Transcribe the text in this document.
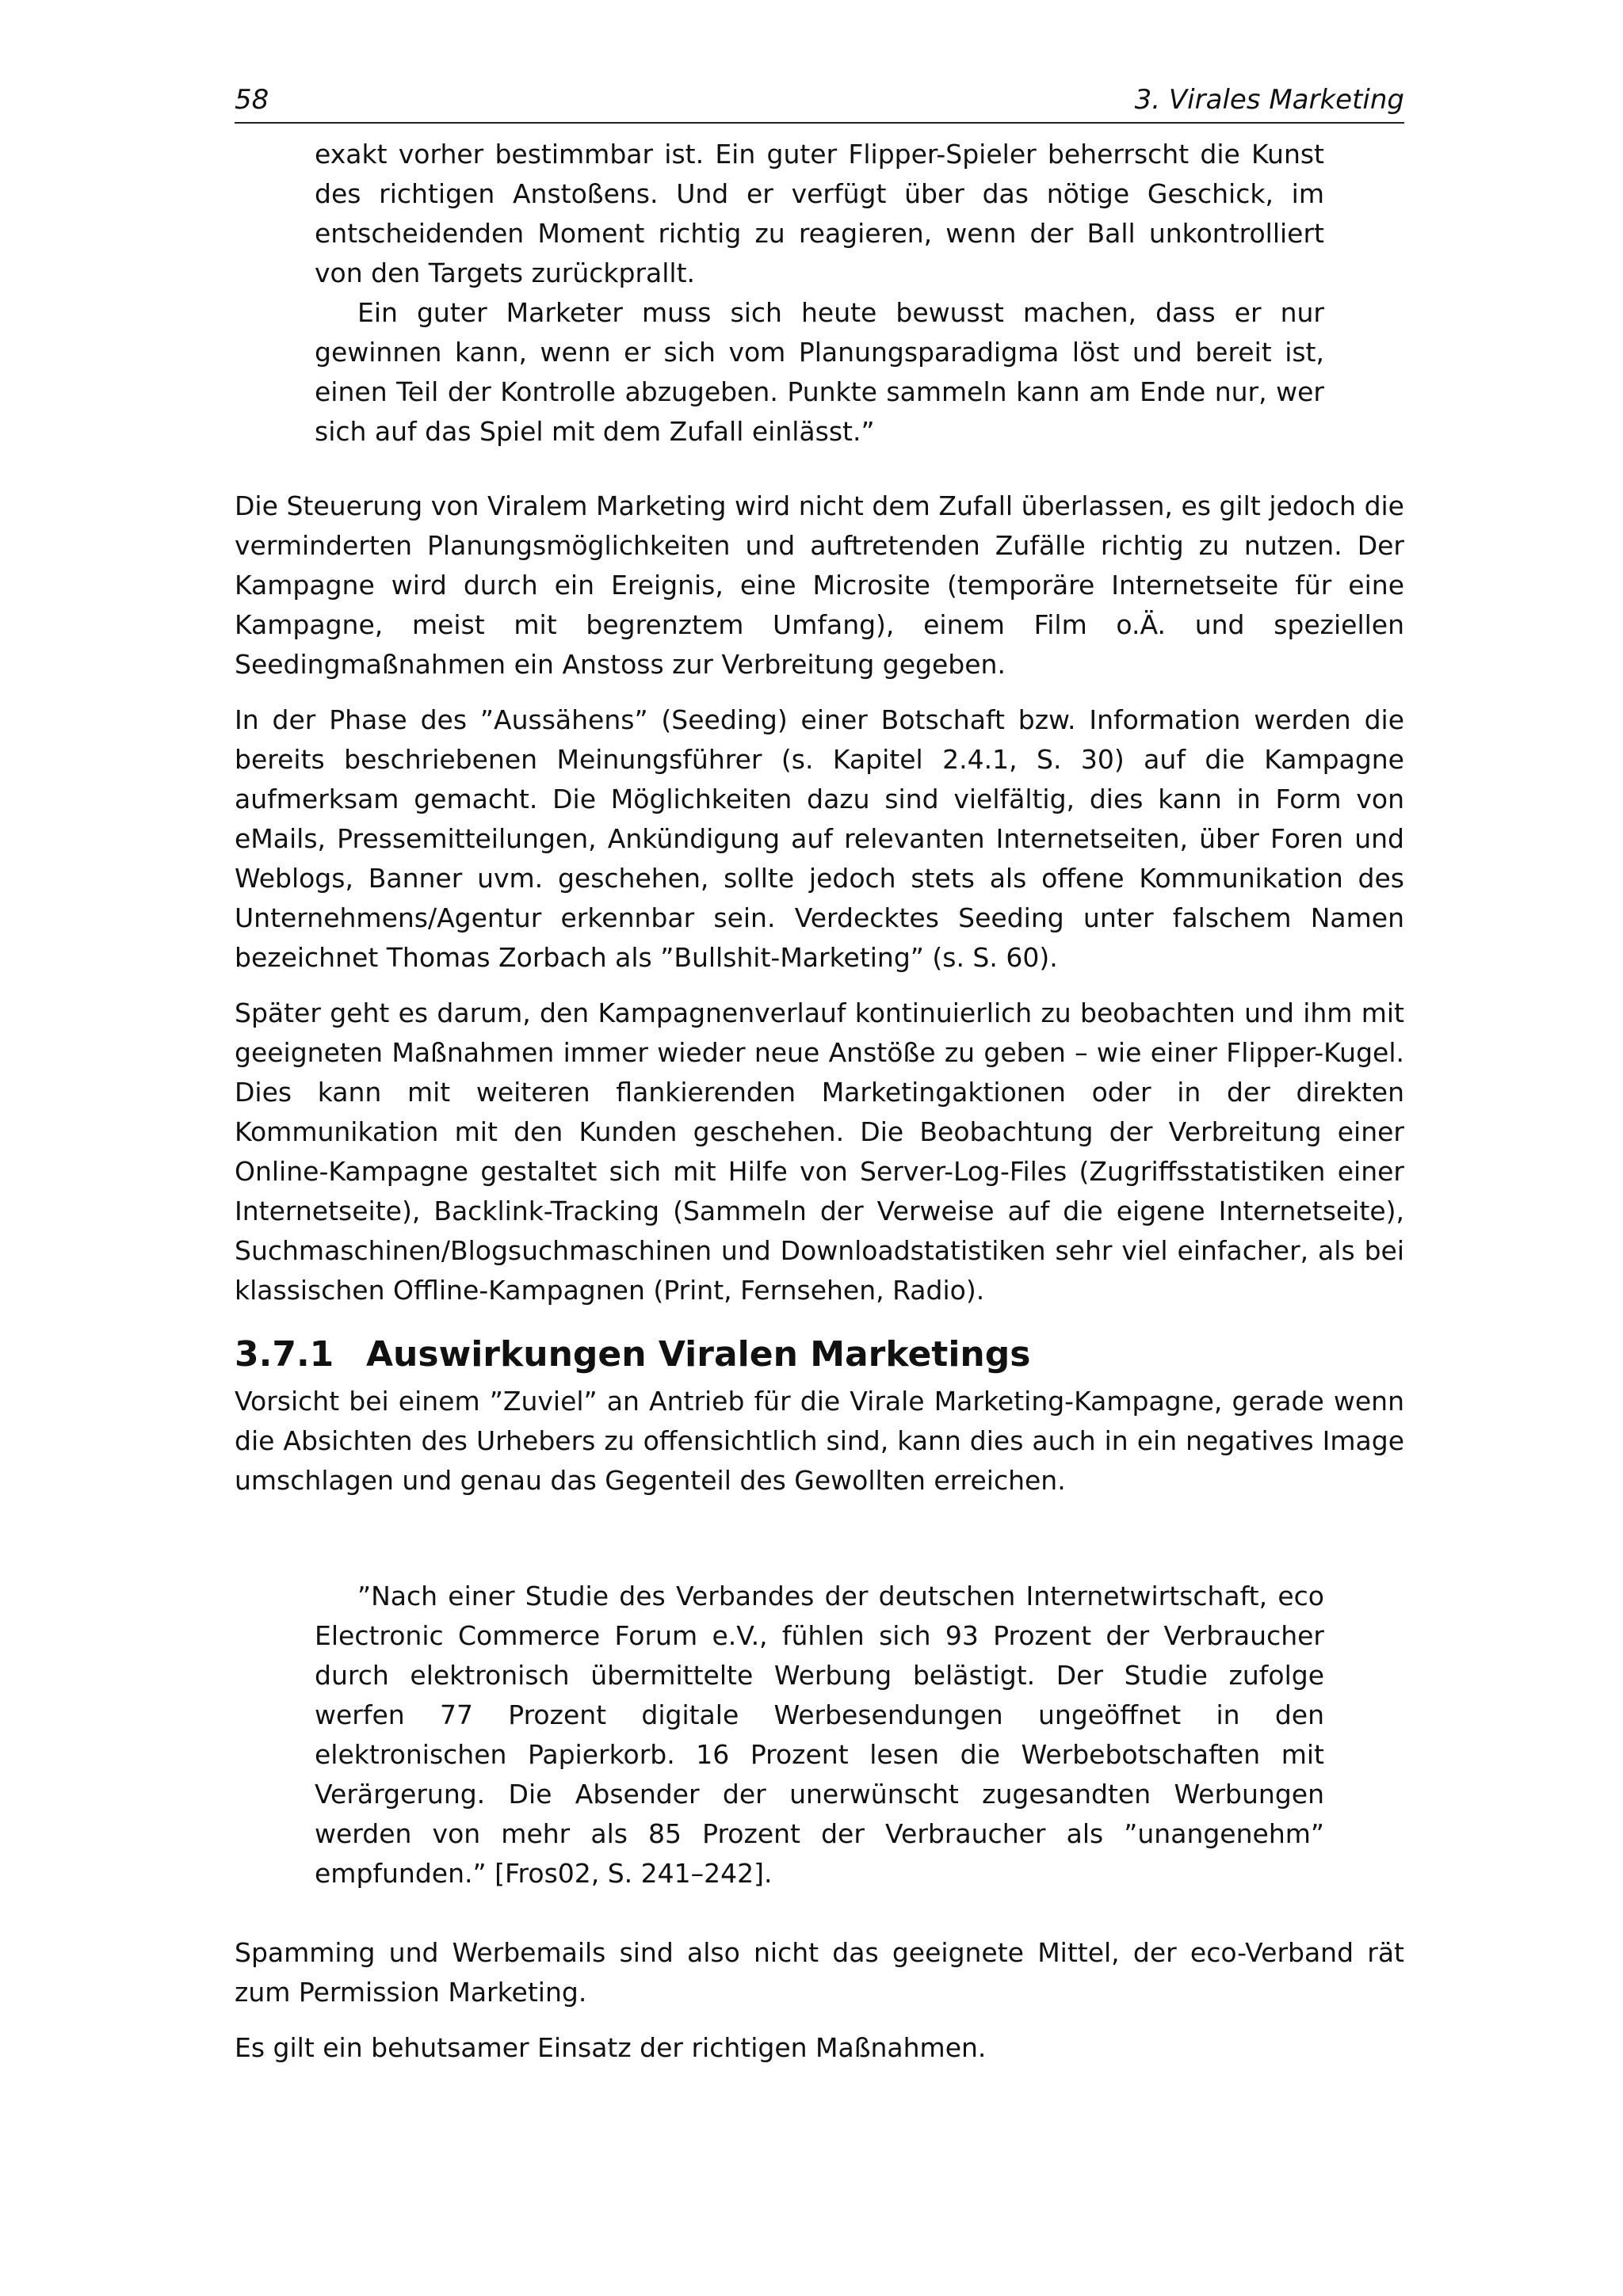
58	3. Virales Marketing

exakt vorher bestimmbar ist. Ein guter Flipper-Spieler beherrscht die Kunst des richtigen Anstoßens. Und er verfügt über das nötige Geschick, im entscheidenden Moment richtig zu reagieren, wenn der Ball unkontrolliert von den Targets zurückprallt.

Ein guter Marketer muss sich heute bewusst machen, dass er nur gewinnen kann, wenn er sich vom Planungsparadigma löst und bereit ist, einen Teil der Kontrolle abzugeben. Punkte sammeln kann am Ende nur, wer sich auf das Spiel mit dem Zufall einlässt.”

Die Steuerung von Viralem Marketing wird nicht dem Zufall überlassen, es gilt jedoch die verminderten Planungsmöglichkeiten und auftretenden Zufälle richtig zu nutzen. Der Kampagne wird durch ein Ereignis, eine Microsite (temporäre Internetseite für eine Kampagne, meist mit begrenztem Umfang), einem Film o.Ä. und speziellen Seedingmaßnahmen ein Anstoss zur Verbreitung gegeben.

In der Phase des ”Aussähens” (Seeding) einer Botschaft bzw. Information werden die bereits beschriebenen Meinungsführer (s. Kapitel 2.4.1, S. 30) auf die Kampagne aufmerksam gemacht. Die Möglichkeiten dazu sind vielfältig, dies kann in Form von eMails, Pressemitteilungen, Ankündigung auf relevanten Internetseiten, über Foren und Weblogs, Banner uvm. geschehen, sollte jedoch stets als offene Kommunikation des Unternehmens/Agentur erkennbar sein. Verdecktes Seeding unter falschem Namen bezeichnet Thomas Zorbach als ”Bullshit-Marketing” (s. S. 60).

Später geht es darum, den Kampagnenverlauf kontinuierlich zu beobachten und ihm mit geeigneten Maßnahmen immer wieder neue Anstöße zu geben – wie einer Flipper-Kugel. Dies kann mit weiteren flankierenden Marketingaktionen oder in der direkten Kommunikation mit den Kunden geschehen. Die Beobachtung der Verbreitung einer Online-Kampagne gestaltet sich mit Hilfe von Server-Log-Files (Zugriffsstatistiken einer Internetseite), Backlink-Tracking (Sammeln der Verweise auf die eigene Internetseite), Suchmaschinen/Blogsuchmaschinen und Downloadstatistiken sehr viel einfacher, als bei klassischen Offline-Kampagnen (Print, Fernsehen, Radio).

3.7.1 Auswirkungen Viralen Marketings

Vorsicht bei einem ”Zuviel” an Antrieb für die Virale Marketing-Kampagne, gerade wenn die Absichten des Urhebers zu offensichtlich sind, kann dies auch in ein negatives Image umschlagen und genau das Gegenteil des Gewollten erreichen.

”Nach einer Studie des Verbandes der deutschen Internetwirtschaft, eco Electronic Commerce Forum e.V., fühlen sich 93 Prozent der Verbraucher durch elektronisch übermittelte Werbung belästigt. Der Studie zufolge werfen 77 Prozent digitale Werbesendungen ungeöffnet in den elektronischen Papierkorb. 16 Prozent lesen die Werbebotschaften mit Verärgerung. Die Absender der unerwünscht zugesandten Werbungen werden von mehr als 85 Prozent der Verbraucher als ”unangenehm” empfunden.” [Fros02, S. 241–242].

Spamming und Werbemails sind also nicht das geeignete Mittel, der eco-Verband rät zum Permission Marketing.

Es gilt ein behutsamer Einsatz der richtigen Maßnahmen.
